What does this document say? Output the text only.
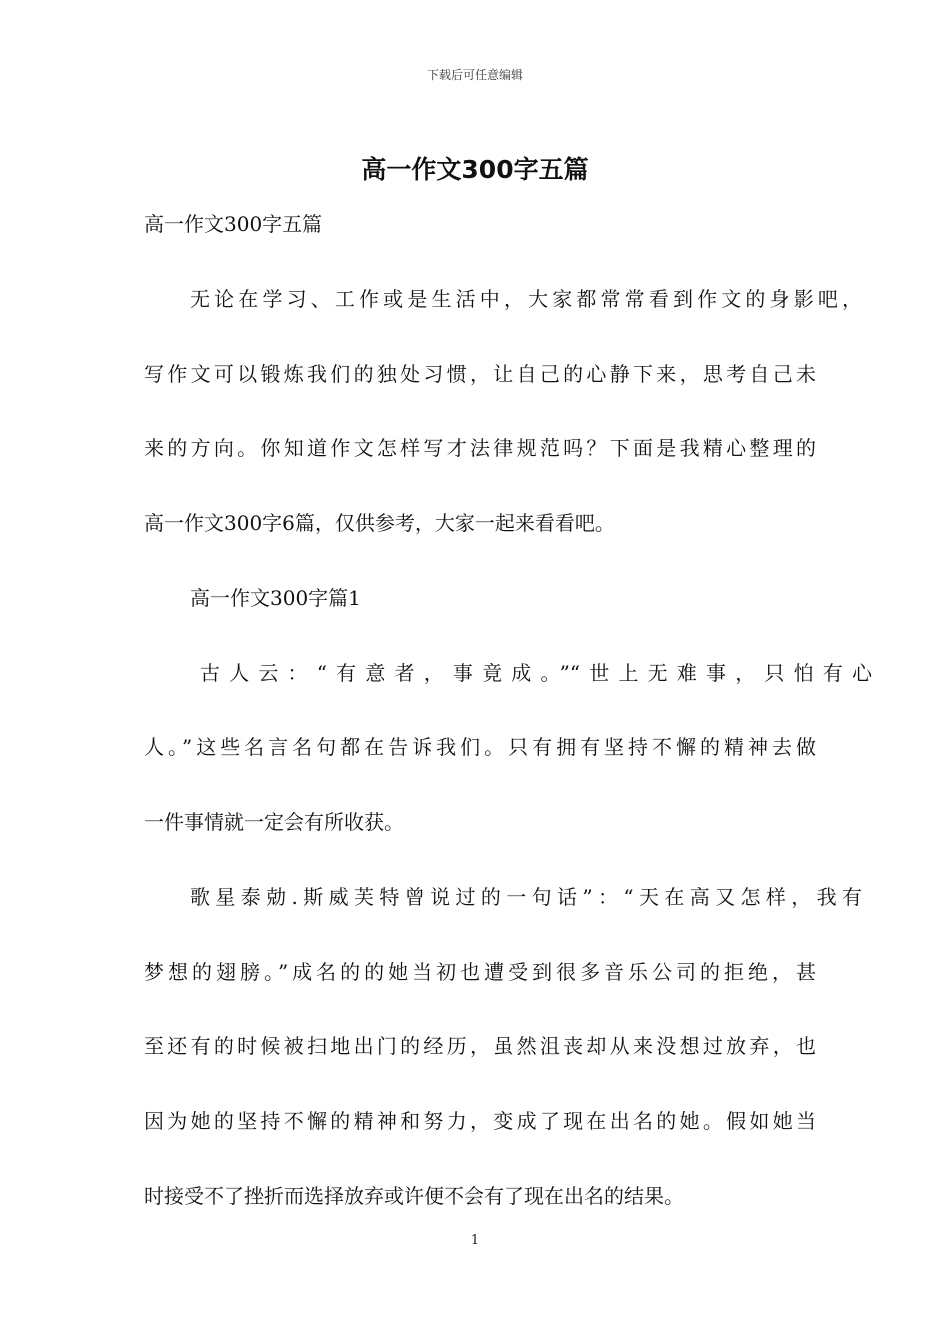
下载后可任意编辑
高一作文300字五篇
高一作文300字五篇
无论在学习、工作或是生活中，大家都常常看到作文的身影吧，
写作文可以锻炼我们的独处习惯，让自己的心静下来，思考自己未
来的方向。你知道作文怎样写才法律规范吗？下面是我精心整理的
高一作文300字6篇，仅供参考，大家一起来看看吧。
高一作文300字篇1
古人云：“有意者，事竟成。”“世上无难事，只怕有心
人。”这些名言名句都在告诉我们。只有拥有坚持不懈的精神去做
一件事情就一定会有所收获。
歌星泰勀.斯威芙特曾说过的一句话”：“天在高又怎样，我有
梦想的翅膀。”成名的的她当初也遭受到很多音乐公司的拒绝，甚
至还有的时候被扫地出门的经历，虽然沮丧却从来没想过放弃，也
因为她的坚持不懈的精神和努力，变成了现在出名的她。假如她当
时接受不了挫折而选择放弃或许便不会有了现在出名的结果。
1
